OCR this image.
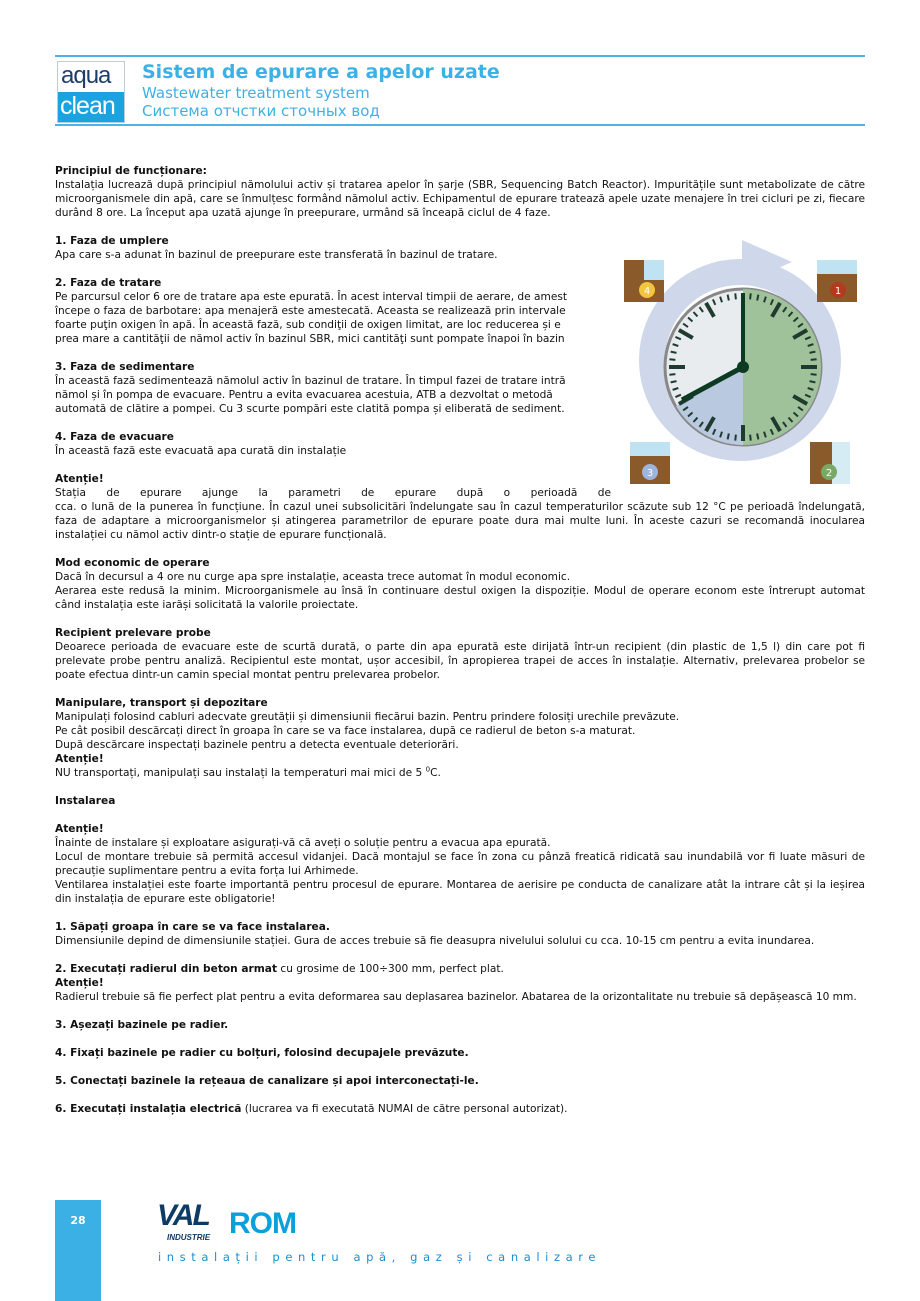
aqua
clean
Sistem de epurare a apelor uzate
Wastewater treatment system
Система отчстки сточных вод
Principiul de funcționare:
Instalația lucrează după principiul nămolului activ și tratarea apelor în șarje (SBR, Sequencing Batch Reactor). Impuritățile sunt metabolizate de către microorganismele din apă, care se înmulțesc formând nămolul activ. Echipamentul de epurare tratează apele uzate menajere în trei cicluri pe zi, fiecare durând 8 ore. La început apa uzată ajunge în preepurare, urmând să înceapă ciclul de 4 faze.
1. Faza de umplere
Apa care s-a adunat în bazinul de preepurare este transferată în bazinul de tratare.
2. Faza de tratare
Pe parcursul celor 6 ore de tratare apa este epurată. În acest interval timpii de aerare, de amest
începe o faza de barbotare: apa menajeră este amestecată. Aceasta se realizează prin intervale
foarte puţin oxigen în apă. În această fază, sub condiţii de oxigen limitat, are loc reducerea și e
prea mare a cantităţii de nămol activ în bazinul SBR, mici cantităţi sunt pompate înapoi în bazin
3. Faza de sedimentare
În această fază sedimentează nămolul activ în bazinul de tratare. În timpul fazei de tratare intră
nămol și în pompa de evacuare. Pentru a evita evacuarea acestuia, ATB a dezvoltat o metodă
automată de clătire a pompei. Cu 3 scurte pompări este clatită pompa și eliberată de sediment.
4. Faza de evacuare
În această fază este evacuată apa curată din instalație
Atenție!
Stația de epurare ajunge la parametri de epurare după o perioadă de
cca. o lună de la punerea în funcțiune. În cazul unei subsolicitări îndelungate sau în cazul temperaturilor scăzute sub 12 °C pe perioadă îndelungată, faza de adaptare a microorganismelor și atingerea parametrilor de epurare poate dura mai multe luni. În aceste cazuri se recomandă inocularea instalației cu nămol activ dintr-o stație de epurare funcțională.
Mod economic de operare
Dacă în decursul a 4 ore nu curge apa spre instalație, aceasta trece automat în modul economic.
Aerarea este redusă la minim. Microorganismele au însă în continuare destul oxigen la dispoziție. Modul de operare econom este întrerupt automat când instalația este iarăși solicitată la valorile proiectate.
Recipient prelevare probe
Deoarece perioada de evacuare este de scurtă durată, o parte din apa epurată este dirijată într-un recipient (din plastic de 1,5 l) din care pot fi prelevate probe pentru analiză. Recipientul este montat, ușor accesibil, în apropierea trapei de acces în instalație. Alternativ, prelevarea probelor se poate efectua dintr-un camin special montat pentru prelevarea probelor.
Manipulare, transport și depozitare
Manipulați folosind cabluri adecvate greutății și dimensiunii fiecărui bazin. Pentru prindere folosiți urechile prevăzute.
Pe cât posibil descărcați direct în groapa în care se va face instalarea, după ce radierul de beton s-a maturat.
După descărcare inspectați bazinele pentru a detecta eventuale deteriorări.
Atenție!
NU transportați, manipulați sau instalați la temperaturi mai mici de 5 $^0$C.
Instalarea
Atenție!
Înainte de instalare și exploatare asigurați-vă că aveți o soluție pentru a evacua apa epurată.
Locul de montare trebuie să permită accesul vidanjei. Dacă montajul se face în zona cu pânză freatică ridicată sau inundabilă vor fi luate măsuri de precauție suplimentare pentru a evita forța lui Arhimede.
Ventilarea instalației este foarte importantă pentru procesul de epurare. Montarea de aerisire pe conducta de canalizare atât la intrare cât și la ieșirea din instalația de epurare este obligatorie!
1. Săpați groapa în care se va face instalarea.
Dimensiunile depind de dimensiunile stației. Gura de acces trebuie să fie deasupra nivelului solului cu cca. 10-15 cm pentru a evita inundarea.
2. Executați radierul din beton armat cu grosime de 100÷300 mm, perfect plat.
Atenție!
Radierul trebuie să fie perfect plat pentru a evita deformarea sau deplasarea bazinelor. Abatarea de la orizontalitate nu trebuie să depășească 10 mm.
3. Așezați bazinele pe radier.
4. Fixați bazinele pe radier cu bolțuri, folosind decupajele prevăzute.
5. Conectați bazinele la rețeaua de canalizare și apoi interconectați-le.
6. Executați instalația electrică (lucrarea va fi executată NUMAI de către personal autorizat).
1
2
3
4
28	VAL ROM
INDUSTRIE
instalații pentru apă, gaz și canalizare
